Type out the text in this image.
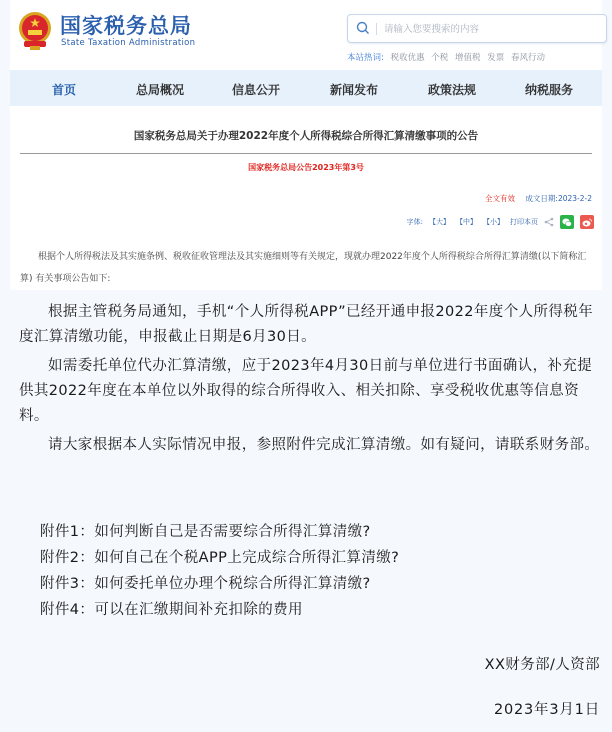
国家税务总局
State Taxation Administration
请输入您要搜索的内容
本站热词: 税收优惠 个税 增值税 发票 春风行动
首页	总局概况	信息公开	新闻发布	政策法规	纳税服务
国家税务总局关于办理2022年度个人所得税综合所得汇算清缴事项的公告
国家税务总局公告2023年第3号
全文有效 成文日期:2023-2-2
字体: 【大】 【中】 【小】 打印本页
根据个人所得税法及其实施条例、税收征收管理法及其实施细则等有关规定，现就办理2022年度个人所得税综合所得汇算清缴(以下简称汇算) 有关事项公告如下:

根据主管税务局通知，手机“个人所得税APP”已经开通申报2022年度个人所得税年度汇算清缴功能，申报截止日期是6月30日。

如需委托单位代办汇算清缴，应于2023年4月30日前与单位进行书面确认，补充提供其2022年度在本单位以外取得的综合所得收入、相关扣除、享受税收优惠等信息资料。

请大家根据本人实际情况申报，参照附件完成汇算清缴。如有疑问，请联系财务部。

附件1：如何判断自己是否需要综合所得汇算清缴?
附件2：如何自己在个税APP上完成综合所得汇算清缴?
附件3：如何委托单位办理个税综合所得汇算清缴?
附件4：可以在汇缴期间补充扣除的费用
XX财务部/人资部
2023年3月1日
